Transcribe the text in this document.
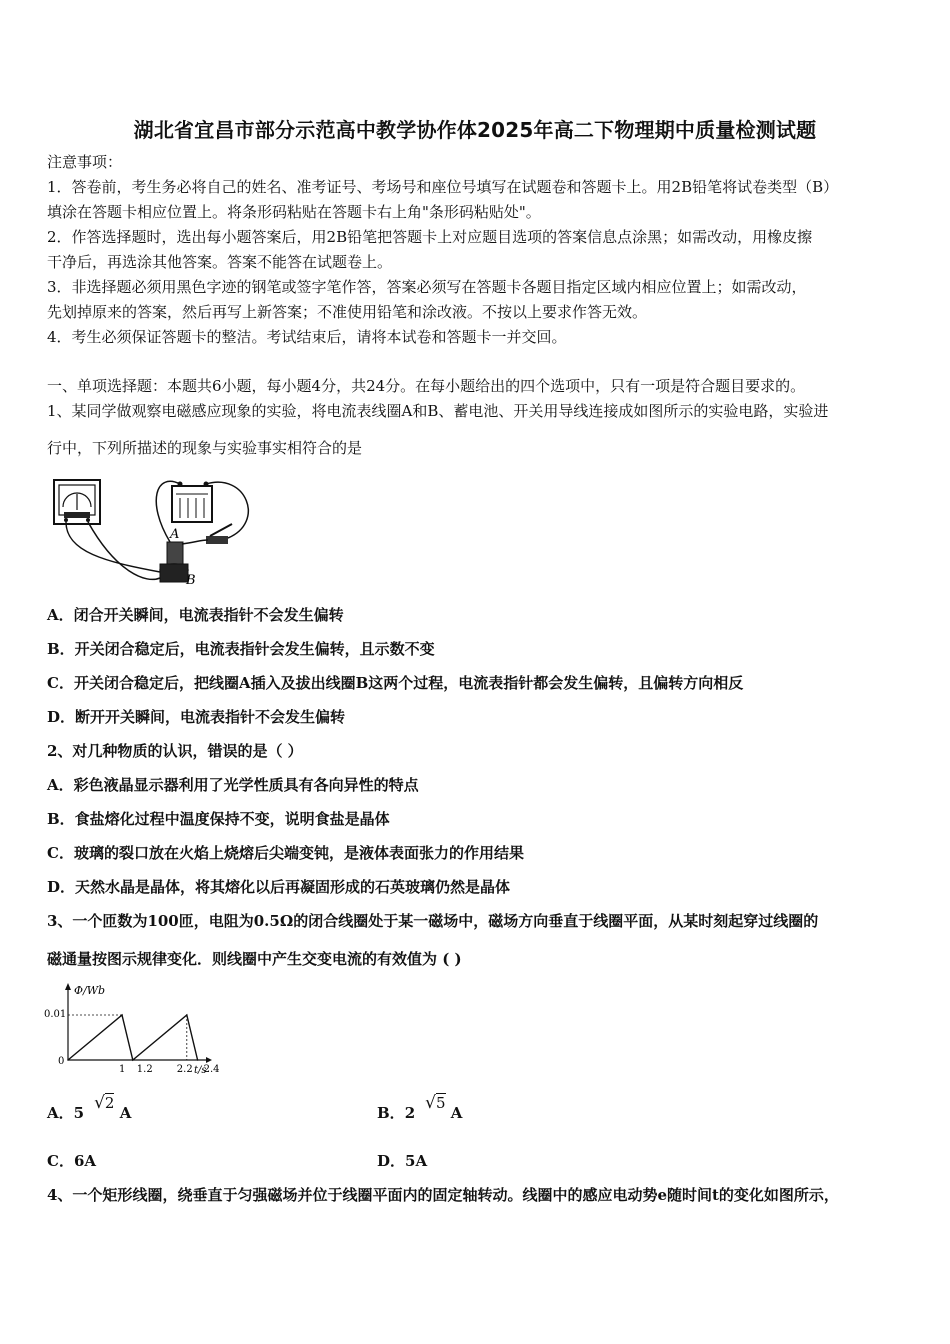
湖北省宜昌市部分示范高中教学协作体2025年高二下物理期中质量检测试题
注意事项：
1．答卷前，考生务必将自己的姓名、准考证号、考场号和座位号填写在试题卷和答题卡上。用2B铅笔将试卷类型（B）
填涂在答题卡相应位置上。将条形码粘贴在答题卡右上角"条形码粘贴处"。
2．作答选择题时，选出每小题答案后，用2B铅笔把答题卡上对应题目选项的答案信息点涂黑；如需改动，用橡皮擦
干净后，再选涂其他答案。答案不能答在试题卷上。
3．非选择题必须用黑色字迹的钢笔或签字笔作答，答案必须写在答题卡各题目指定区域内相应位置上；如需改动，
先划掉原来的答案，然后再写上新答案；不准使用铅笔和涂改液。不按以上要求作答无效。
4．考生必须保证答题卡的整洁。考试结束后，请将本试卷和答题卡一并交回。
一、单项选择题：本题共6小题，每小题4分，共24分。在每小题给出的四个选项中，只有一项是符合题目要求的。
1、某同学做观察电磁感应现象的实验，将电流表线圈A和B、蓄电池、开关用导线连接成如图所示的实验电路，实验进
行中，下列所描述的现象与实验事实相符合的是
A
B
A．闭合开关瞬间，电流表指针不会发生偏转
B．开关闭合稳定后，电流表指针会发生偏转，且示数不变
C．开关闭合稳定后，把线圈A插入及拔出线圈B这两个过程，电流表指针都会发生偏转，且偏转方向相反
D．断开开关瞬间，电流表指针不会发生偏转
2、对几种物质的认识，错误的是（ ）
A．彩色液晶显示器利用了光学性质具有各向异性的特点
B．食盐熔化过程中温度保持不变，说明食盐是晶体
C．玻璃的裂口放在火焰上烧熔后尖端变钝，是液体表面张力的作用结果
D．天然水晶是晶体，将其熔化以后再凝固形成的石英玻璃仍然是晶体
3、一个匝数为100匝，电阻为0.5Ω的闭合线圈处于某一磁场中，磁场方向垂直于线圈平面，从某时刻起穿过线圈的
磁通量按图示规律变化．则线圈中产生交变电流的有效值为 ( )
Φ/Wb
t/s
0.01
0
1 1.2 2.2 2.4
A．5 √2 A	B．2 √5 A
C．6A	D．5A
4、一个矩形线圈，绕垂直于匀强磁场并位于线圈平面内的固定轴转动。线圈中的感应电动势e随时间t的变化如图所示，
